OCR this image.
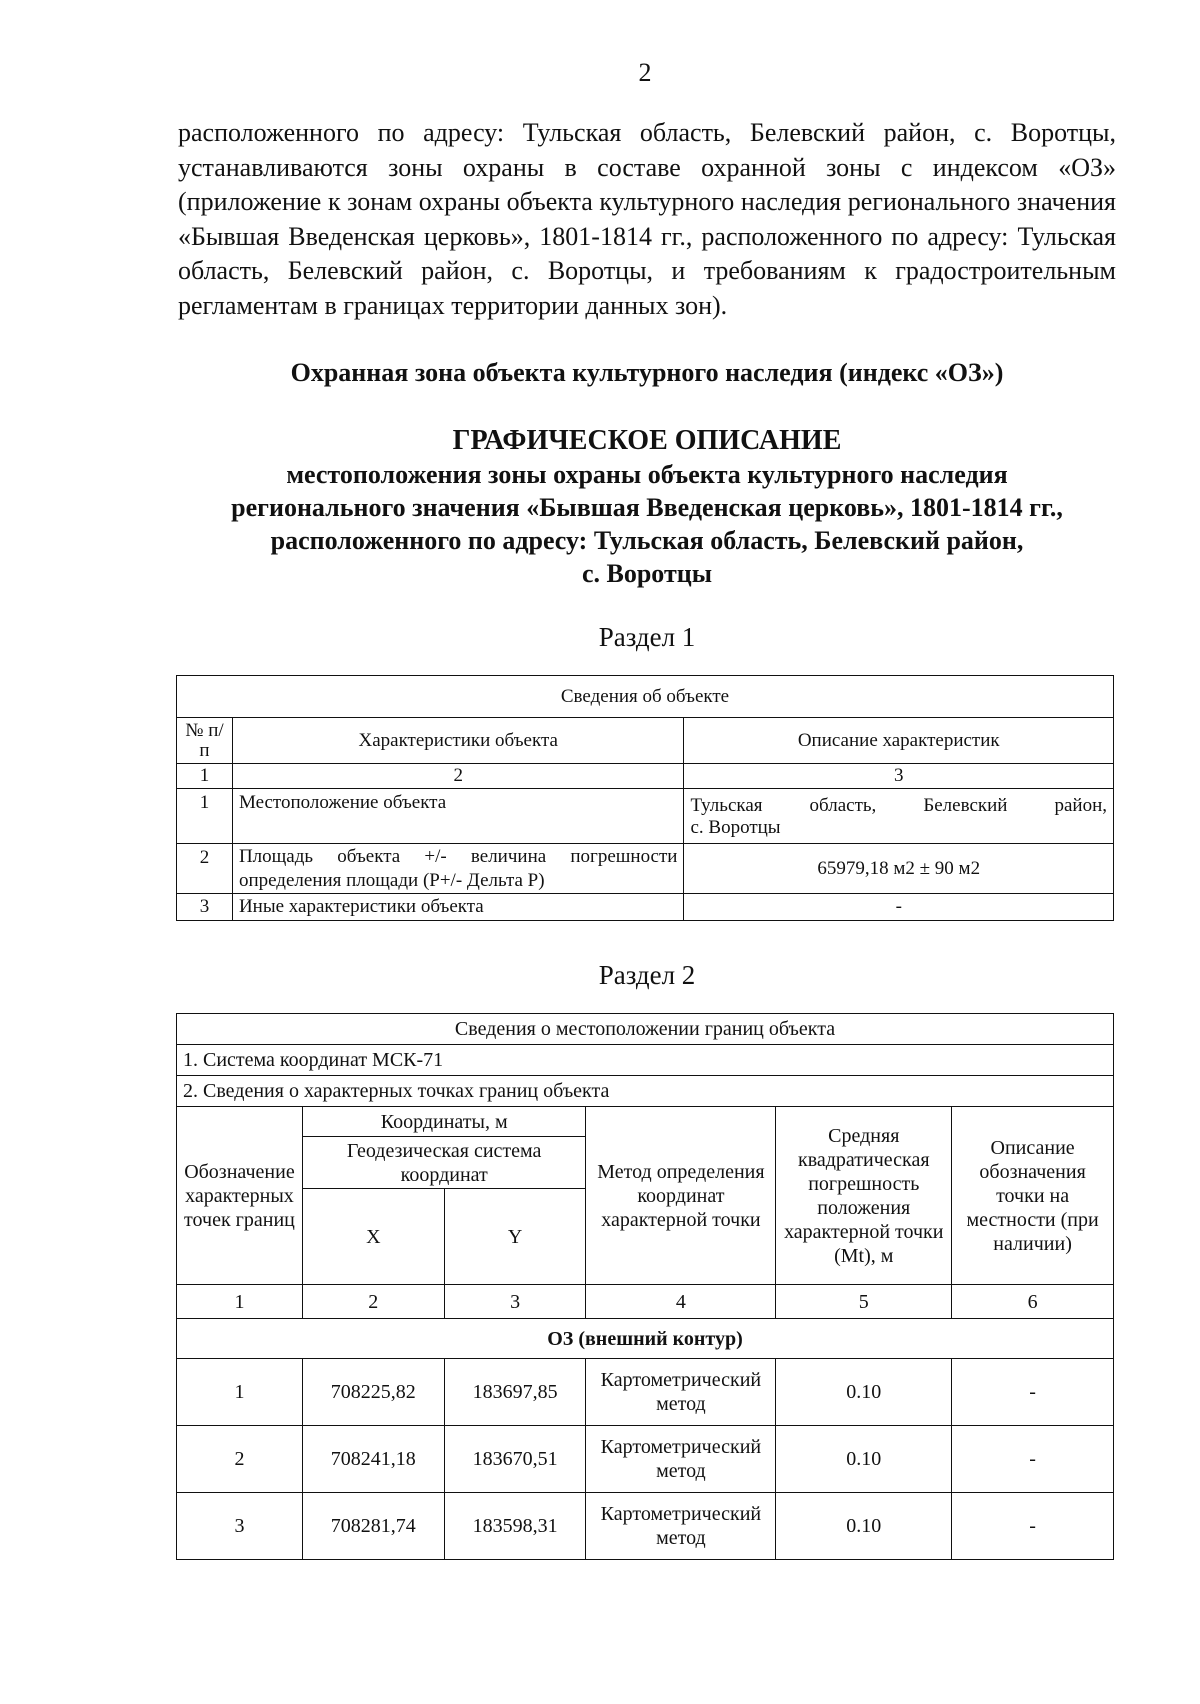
2
расположенного по адресу: Тульская область, Белевский район, с. Воротцы, устанавливаются зоны охраны в составе охранной зоны с индексом «ОЗ» (приложение к зонам охраны объекта культурного наследия регионального значения «Бывшая Введенская церковь», 1801-1814 гг., расположенного по адресу: Тульская область, Белевский район, с. Воротцы, и требованиям к градостроительным регламентам в границах территории данных зон).
Охранная зона объекта культурного наследия (индекс «ОЗ»)
ГРАФИЧЕСКОЕ ОПИСАНИЕ
местоположения зоны охраны объекта культурного наследия
регионального значения «Бывшая Введенская церковь», 1801-1814 гг.,
расположенного по адресу: Тульская область, Белевский район,
с. Воротцы
Раздел 1
Сведения об объекте		
№ п/п	Характеристики объекта	Описание характеристик
1	2	3
1	Местоположение объекта	Тульская область, Белевский район,
с. Воротцы

2	Площадь объекта +/- величина погрешности определения площади (Р+/- Дельта Р)	65979,18 м2 ± 90 м2
3	Иные характеристики объекта	-
Раздел 2
Сведения о местоположении границ объекта					
1. Система координат МСК-71					
2. Сведения о характерных точках границ объекта					
Обозначение характерных точек границ	Координаты, м		Метод определения координат характерной точки	Средняя квадратическая погрешность положения характерной точки (Mt), м	Описание обозначения точки на местности (при наличии)
	Геодезическая система координат				
	X	Y			
1	2	3	4	5	6
ОЗ (внешний контур)					
1	708225,82	183697,85	Картометрический метод	0.10	-
2	708241,18	183670,51	Картометрический метод	0.10	-
3	708281,74	183598,31	Картометрический метод	0.10	-
